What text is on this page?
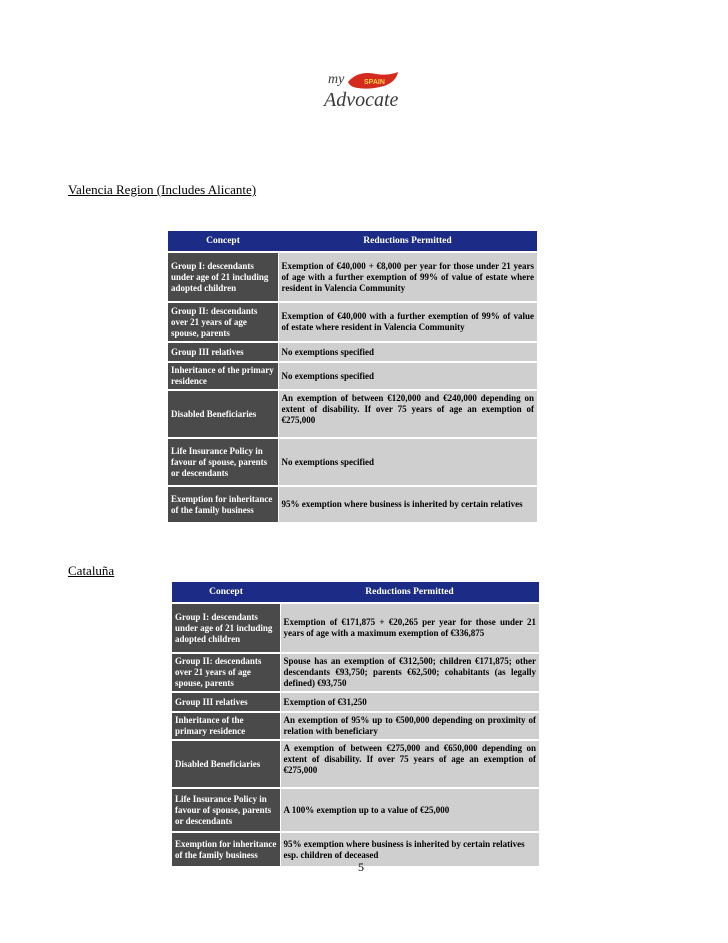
my	SPAIN
Advocate
Valencia Region (Includes Alicante)
Concept	Reductions Permitted
Group I: descendants under age of 21 including adopted children	Exemption of €40,000 + €8,000 per year for those under 21 years of age with a further exemption of 99% of value of estate where resident in Valencia Community
Group II: descendants over 21 years of age spouse, parents	Exemption of €40,000 with a further exemption of 99% of value of estate where resident in Valencia Community
Group III relatives	No exemptions specified
Inheritance of the primary residence	No exemptions specified
Disabled Beneficiaries	An exemption of between €120,000 and €240,000 depending on extent of disability. If over 75 years of age an exemption of €275,000
Life Insurance Policy in favour of spouse, parents or descendants	No exemptions specified
Exemption for inheritance of the family business	95% exemption where business is inherited by certain relatives
Cataluña
Concept	Reductions Permitted
Group I: descendants under age of 21 including adopted children	Exemption of €171,875 + €20,265 per year for those under 21 years of age with a maximum exemption of €336,875
Group II: descendants over 21 years of age spouse, parents	Spouse has an exemption of €312,500; children €171,875; other descendants €93,750; parents €62,500; cohabitants (as legally defined) €93,750
Group III relatives	Exemption of €31,250
Inheritance of the primary residence	An exemption of 95% up to €500,000 depending on proximity of relation with beneficiary
Disabled Beneficiaries	A exemption of between €275,000 and €650,000 depending on extent of disability. If over 75 years of age an exemption of €275,000
Life Insurance Policy in favour of spouse, parents or descendants	A 100% exemption up to a value of €25,000
Exemption for inheritance of the family business	95% exemption where business is inherited by certain relatives esp. children of deceased
5
